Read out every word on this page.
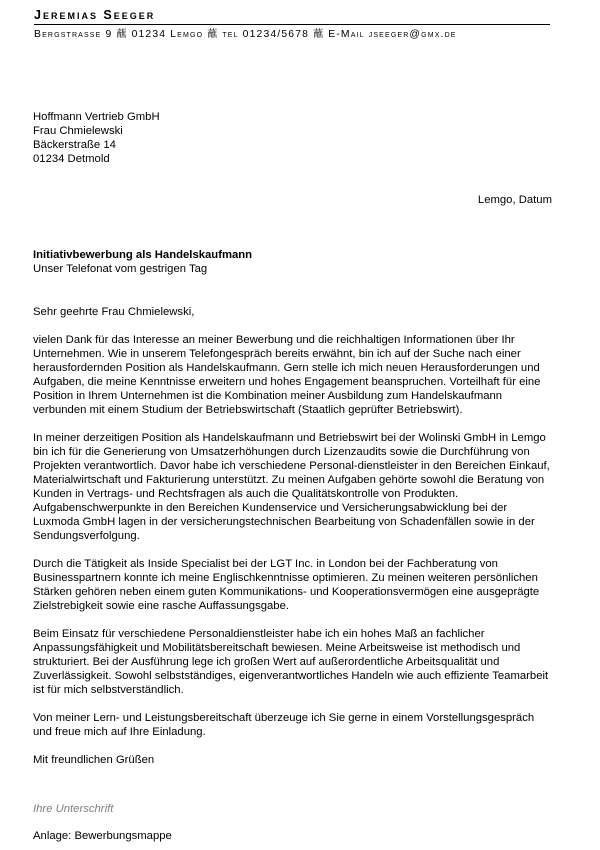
Jeremias Seeger
Bergstrasse 9 蘸 01234 Lemgo 蘸 tel 01234/5678 蘸 E-Mail jseeger@gmx.de
Hoffmann Vertrieb GmbH
Frau Chmielewski
Bäckerstraße 14
01234 Detmold
Lemgo, Datum
Initiativbewerbung als Handelskaufmann
Unser Telefonat vom gestrigen Tag

Sehr geehrte Frau Chmielewski,

vielen Dank für das Interesse an meiner Bewerbung und die reichhaltigen Informationen über Ihr Unternehmen. Wie in unserem Telefongespräch bereits erwähnt, bin ich auf der Suche nach einer herausfordernden Position als Handelskaufmann. Gern stelle ich mich neuen Herausforderungen und Aufgaben, die meine Kenntnisse erweitern und hohes Engagement beanspruchen. Vorteilhaft für eine Position in Ihrem Unternehmen ist die Kombination meiner Ausbildung zum Handelskaufmann verbunden mit einem Studium der Betriebswirtschaft (Staatlich geprüfter Betriebswirt).

In meiner derzeitigen Position als Handelskaufmann und Betriebswirt bei der Wolinski GmbH in Lemgo bin ich für die Generierung von Umsatzerhöhungen durch Lizenzaudits sowie die Durchführung von Projekten verantwortlich. Davor habe ich verschiedene Personal-dienstleister in den Bereichen Einkauf, Materialwirtschaft und Fakturierung unterstützt. Zu meinen Aufgaben gehörte sowohl die Beratung von Kunden in Vertrags- und Rechtsfragen als auch die Qualitätskontrolle von Produkten. Aufgabenschwerpunkte in den Bereichen Kundenservice und Versicherungsabwicklung bei der Luxmoda GmbH lagen in der versicherungstechnischen Bearbeitung von Schadenfällen sowie in der Sendungsverfolgung.

Durch die Tätigkeit als Inside Specialist bei der LGT Inc. in London bei der Fachberatung von Businesspartnern konnte ich meine Englischkenntnisse optimieren. Zu meinen weiteren persönlichen Stärken gehören neben einem guten Kommunikations- und Kooperationsvermögen eine ausgeprägte Zielstrebigkeit sowie eine rasche Auffassungsgabe.

Beim Einsatz für verschiedene Personaldienstleister habe ich ein hohes Maß an fachlicher Anpassungsfähigkeit und Mobilitätsbereitschaft bewiesen. Meine Arbeitsweise ist methodisch und strukturiert. Bei der Ausführung lege ich großen Wert auf außerordentliche Arbeitsqualität und Zuverlässigkeit. Sowohl selbstständiges, eigenverantwortliches Handeln wie auch effiziente Teamarbeit ist für mich selbstverständlich.

Von meiner Lern- und Leistungsbereitschaft überzeuge ich Sie gerne in einem Vorstellungsgespräch und freue mich auf Ihre Einladung.

Mit freundlichen Grüßen

Ihre Unterschrift
Anlage: Bewerbungsmappe
